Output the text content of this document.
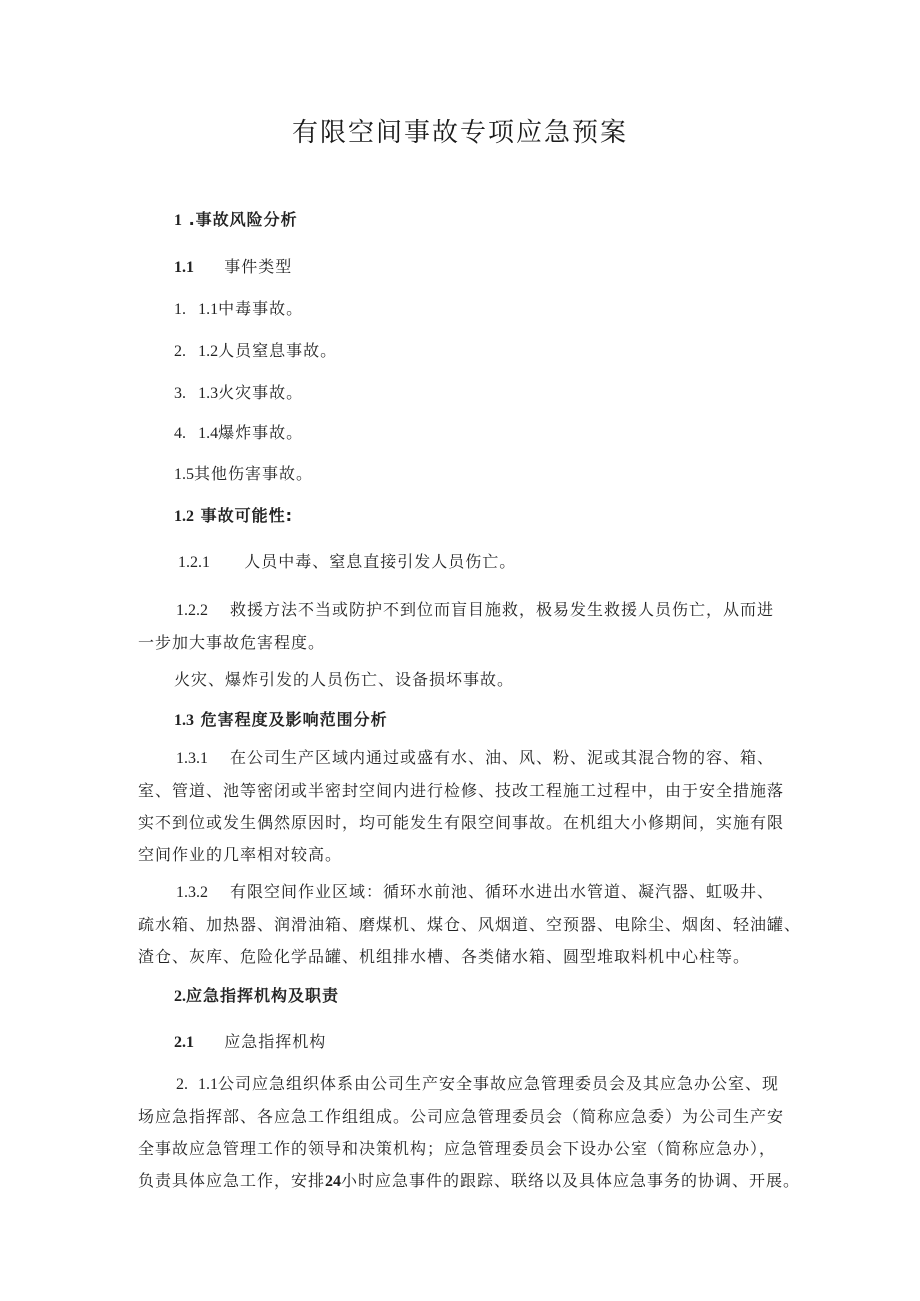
有限空间事故专项应急预案
1 .事故风险分析
1.1 事件类型
1. 1.1中毒事故。
2. 1.2人员窒息事故。
3. 1.3火灾事故。
4. 1.4爆炸事故。
1.5其他伤害事故。
1.2 事故可能性:
1.2.1 人员中毒、窒息直接引发人员伤亡。
1.2.2 救援方法不当或防护不到位而盲目施救，极易发生救援人员伤亡，从而进
一步加大事故危害程度。
火灾、爆炸引发的人员伤亡、设备损坏事故。
1.3 危害程度及影响范围分析
1.3.1 在公司生产区域内通过或盛有水、油、风、粉、泥或其混合物的容、箱、
室、管道、池等密闭或半密封空间内进行检修、技改工程施工过程中，由于安全措施落
实不到位或发生偶然原因时，均可能发生有限空间事故。在机组大小修期间，实施有限
空间作业的几率相对较高。
1.3.2 有限空间作业区域：循环水前池、循环水进出水管道、凝汽器、虹吸井、
疏水箱、加热器、润滑油箱、磨煤机、煤仓、风烟道、空预器、电除尘、烟囱、轻油罐、
渣仓、灰库、危险化学品罐、机组排水槽、各类储水箱、圆型堆取料机中心柱等。
2.应急指挥机构及职责
2.1 应急指挥机构
2. 1.1公司应急组织体系由公司生产安全事故应急管理委员会及其应急办公室、现
场应急指挥部、各应急工作组组成。公司应急管理委员会（简称应急委）为公司生产安
全事故应急管理工作的领导和决策机构；应急管理委员会下设办公室（简称应急办），
负责具体应急工作，安排24小时应急事件的跟踪、联络以及具体应急事务的协调、开展。
